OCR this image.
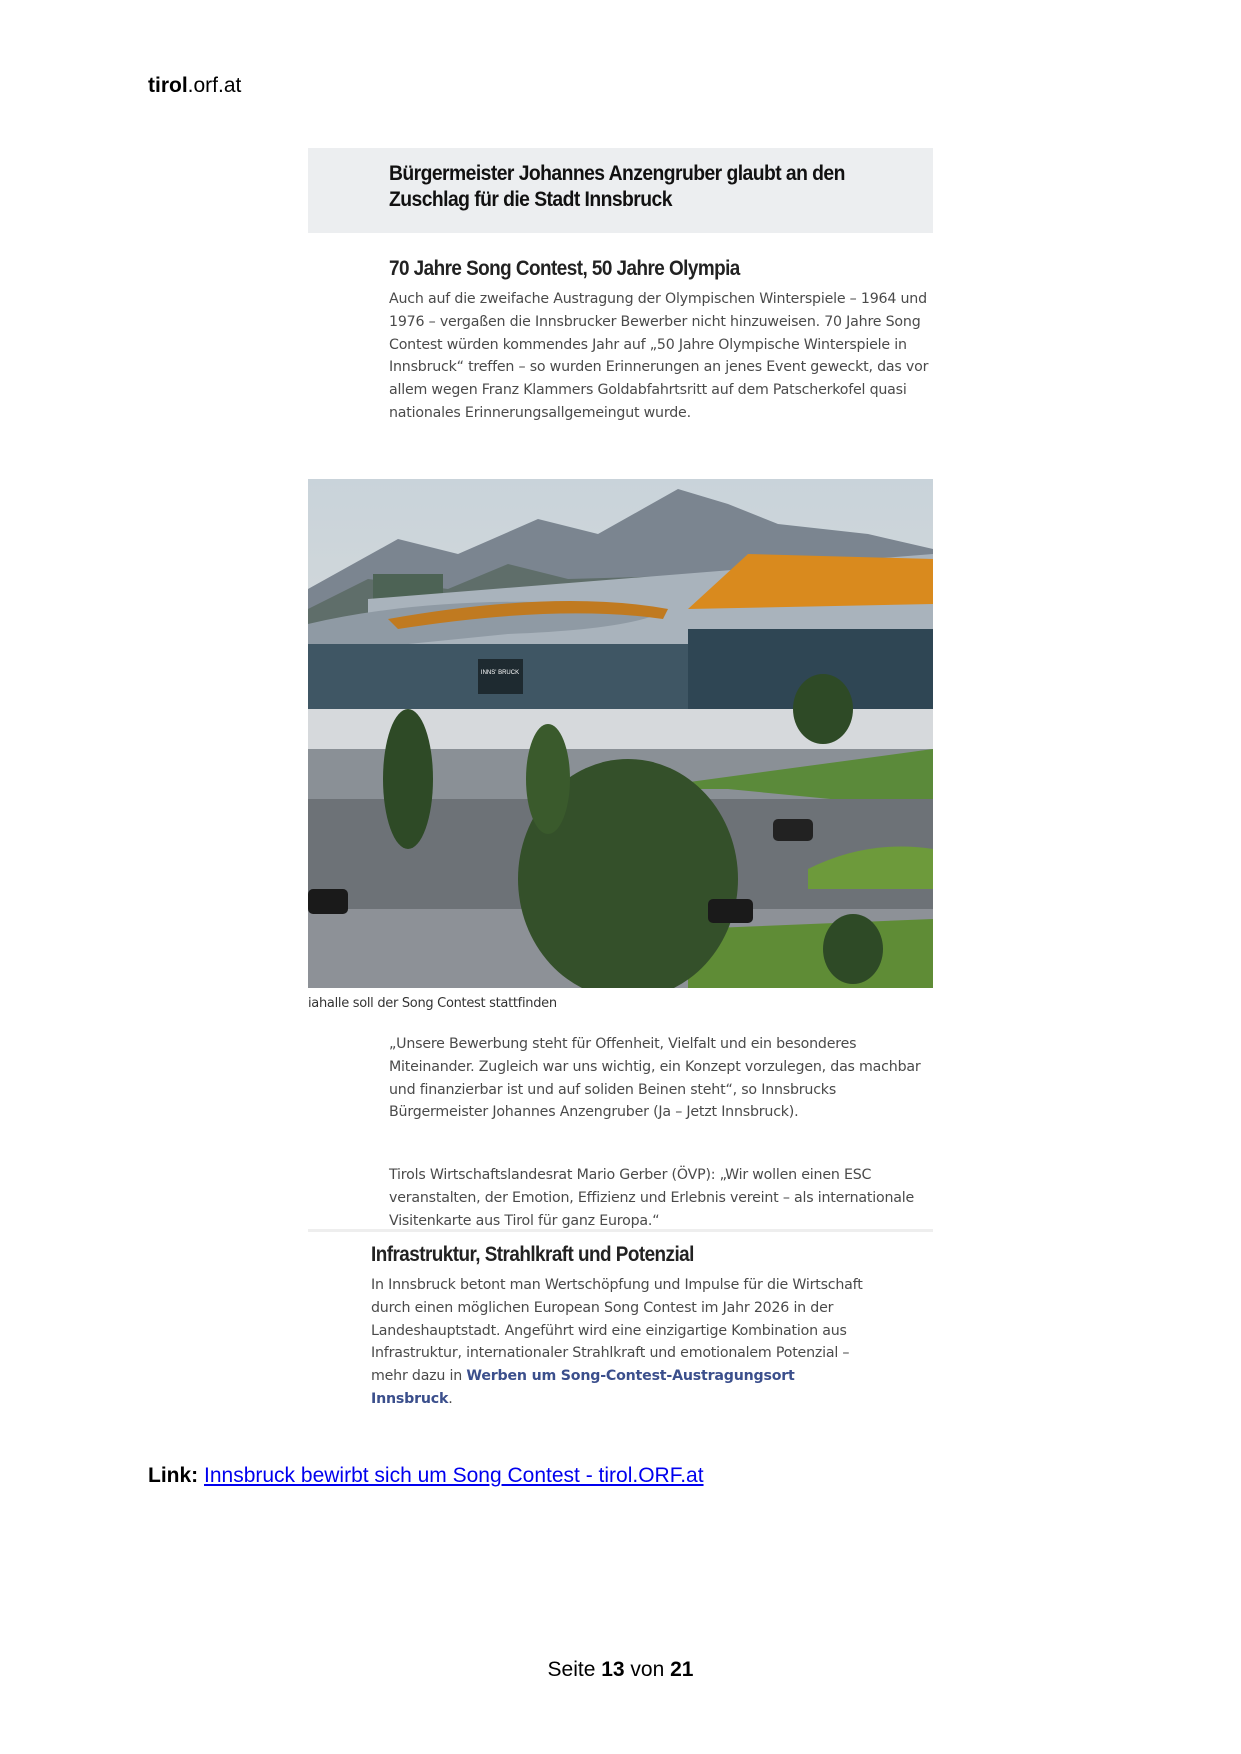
tirol.orf.at
Bürgermeister Johannes Anzengruber glaubt an den Zuschlag für die Stadt Innsbruck
70 Jahre Song Contest, 50 Jahre Olympia

Auch auf die zweifache Austragung der Olympischen Winterspiele – 1964 und 1976 – vergaßen die Innsbrucker Bewerber nicht hinzuweisen. 70 Jahre Song Contest würden kommendes Jahr auf „50 Jahre Olympische Winterspiele in Innsbruck“ treffen – so wurden Erinnerungen an jenes Event geweckt, das vor allem wegen Franz Klammers Goldabfahrtsritt auf dem Patscherkofel quasi nationales Erinnerungsallgemeingut wurde.

INNS' BRUCK
iahalle soll der Song Contest stattfinden

„Unsere Bewerbung steht für Offenheit, Vielfalt und ein besonderes Miteinander. Zugleich war uns wichtig, ein Konzept vorzulegen, das machbar und finanzierbar ist und auf soliden Beinen steht“, so Innsbrucks Bürgermeister Johannes Anzengruber (Ja – Jetzt Innsbruck).

Tirols Wirtschaftslandesrat Mario Gerber (ÖVP): „Wir wollen einen ESC veranstalten, der Emotion, Effizienz und Erlebnis vereint – als internationale Visitenkarte aus Tirol für ganz Europa.“

Infrastruktur, Strahlkraft und Potenzial

In Innsbruck betont man Wertschöpfung und Impulse für die Wirtschaft durch einen möglichen European Song Contest im Jahr 2026 in der Landeshauptstadt. Angeführt wird eine einzigartige Kombination aus Infrastruktur, internationaler Strahlkraft und emotionalem Potenzial – mehr dazu in Werben um Song-Contest-Austragungsort Innsbruck.

Link: Innsbruck bewirbt sich um Song Contest - tirol.ORF.at
Seite 13 von 21
